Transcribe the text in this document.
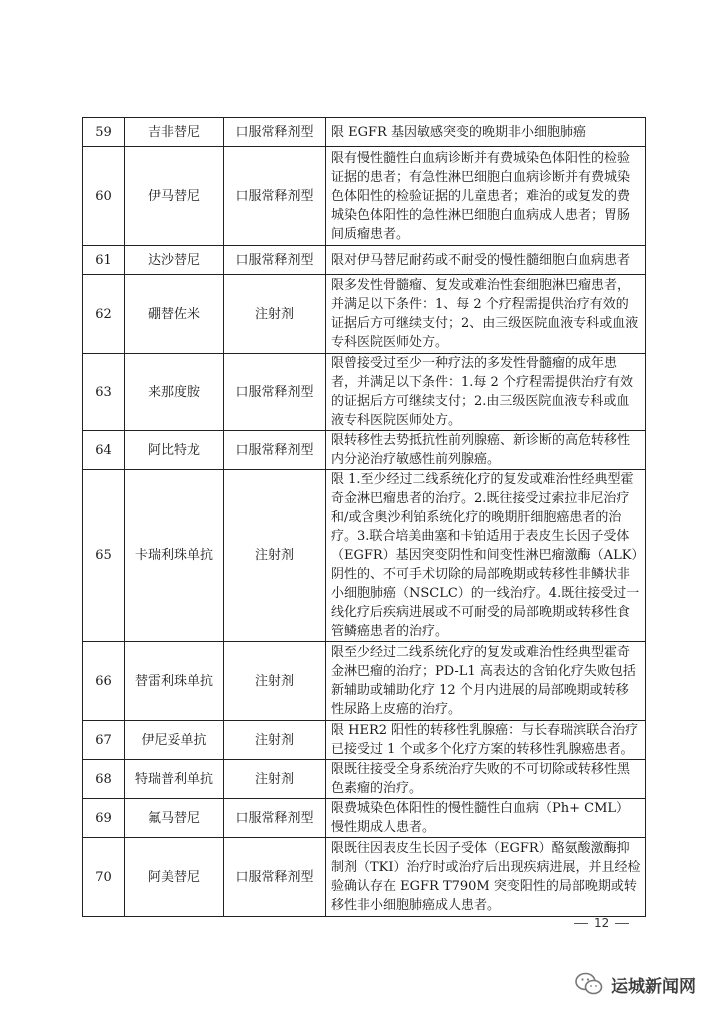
59	吉非替尼	口服常释剂型	限 EGFR 基因敏感突变的晚期非小细胞肺癌
60	伊马替尼	口服常释剂型	限有慢性髓性白血病诊断并有费城染色体阳性的检验证据的患者；有急性淋巴细胞白血病诊断并有费城染色体阳性的检验证据的儿童患者；难治的或复发的费城染色体阳性的急性淋巴细胞白血病成人患者；胃肠间质瘤患者。
61	达沙替尼	口服常释剂型	限对伊马替尼耐药或不耐受的慢性髓细胞白血病患者
62	硼替佐米	注射剂	限多发性骨髓瘤、复发或难治性套细胞淋巴瘤患者，并满足以下条件：1、每 2 个疗程需提供治疗有效的证据后方可继续支付；2、由三级医院血液专科或血液专科医院医师处方。
63	来那度胺	口服常释剂型	限曾接受过至少一种疗法的多发性骨髓瘤的成年患者，并满足以下条件：1.每 2 个疗程需提供治疗有效的证据后方可继续支付；2.由三级医院血液专科或血液专科医院医师处方。
64	阿比特龙	口服常释剂型	限转移性去势抵抗性前列腺癌、新诊断的高危转移性内分泌治疗敏感性前列腺癌。
65	卡瑞利珠单抗	注射剂	限 1.至少经过二线系统化疗的复发或难治性经典型霍奇金淋巴瘤患者的治疗。2.既往接受过索拉非尼治疗和/或含奥沙利铂系统化疗的晚期肝细胞癌患者的治疗。3.联合培美曲塞和卡铂适用于表皮生长因子受体（EGFR）基因突变阴性和间变性淋巴瘤激酶（ALK）阴性的、不可手术切除的局部晚期或转移性非鳞状非小细胞肺癌（NSCLC）的一线治疗。4.既往接受过一线化疗后疾病进展或不可耐受的局部晚期或转移性食管鳞癌患者的治疗。
66	替雷利珠单抗	注射剂	限至少经过二线系统化疗的复发或难治性经典型霍奇金淋巴瘤的治疗；PD-L1 高表达的含铂化疗失败包括新辅助或辅助化疗 12 个月内进展的局部晚期或转移性尿路上皮癌的治疗。
67	伊尼妥单抗	注射剂	限 HER2 阳性的转移性乳腺癌：与长春瑞滨联合治疗已接受过 1 个或多个化疗方案的转移性乳腺癌患者。
68	特瑞普利单抗	注射剂	限既往接受全身系统治疗失败的不可切除或转移性黑色素瘤的治疗。
69	氟马替尼	口服常释剂型	限费城染色体阳性的慢性髓性白血病（Ph+ CML）慢性期成人患者。
70	阿美替尼	口服常释剂型	限既往因表皮生长因子受体（EGFR）酪氨酸激酶抑制剂（TKI）治疗时或治疗后出现疾病进展，并且经检验确认存在 EGFR T790M 突变阳性的局部晚期或转移性非小细胞肺癌成人患者。
12
运城新闻网
